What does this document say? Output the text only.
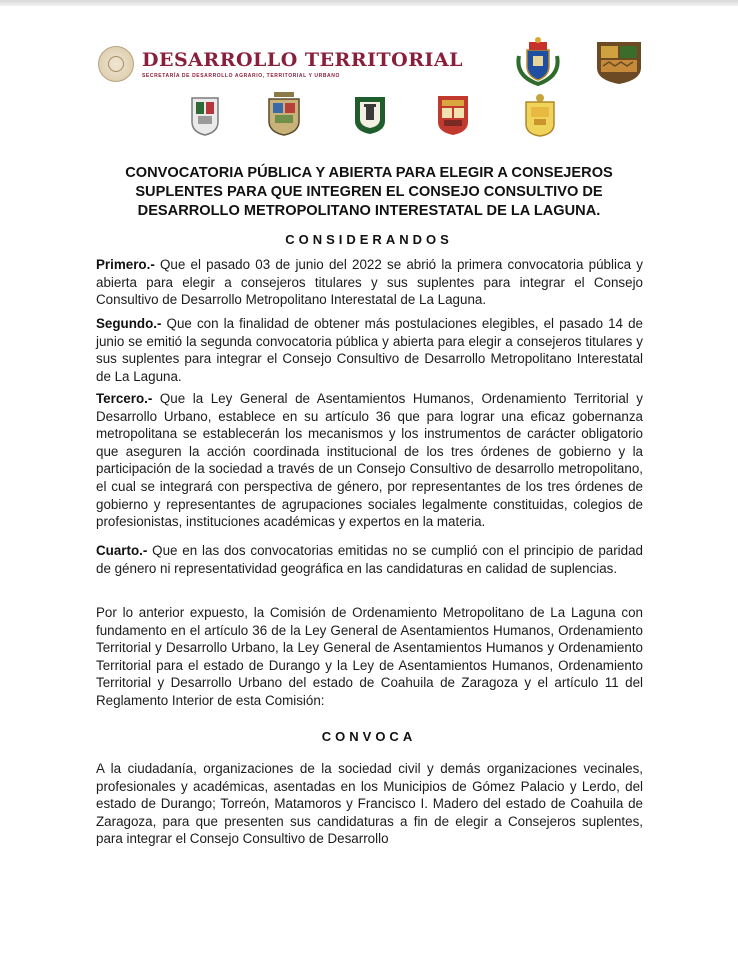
DESARROLLO TERRITORIAL
SECRETARÍA DE DESARROLLO AGRARIO, TERRITORIAL Y URBANO
CONVOCATORIA PÚBLICA Y ABIERTA PARA ELEGIR A CONSEJEROS
SUPLENTES PARA QUE INTEGREN EL CONSEJO CONSULTIVO DE
DESARROLLO METROPOLITANO INTERESTATAL DE LA LAGUNA.
CONSIDERANDOS
Primero.- Que el pasado 03 de junio del 2022 se abrió la primera convocatoria pública y abierta para elegir a consejeros titulares y sus suplentes para integrar el Consejo Consultivo de Desarrollo Metropolitano Interestatal de La Laguna.
Segundo.- Que con la finalidad de obtener más postulaciones elegibles, el pasado 14 de junio se emitió la segunda convocatoria pública y abierta para elegir a consejeros titulares y sus suplentes para integrar el Consejo Consultivo de Desarrollo Metropolitano Interestatal de La Laguna.
Tercero.- Que la Ley General de Asentamientos Humanos, Ordenamiento Territorial y Desarrollo Urbano, establece en su artículo 36 que para lograr una eficaz gobernanza metropolitana se establecerán los mecanismos y los instrumentos de carácter obligatorio que aseguren la acción coordinada institucional de los tres órdenes de gobierno y la participación de la sociedad a través de un Consejo Consultivo de desarrollo metropolitano, el cual se integrará con perspectiva de género, por representantes de los tres órdenes de gobierno y representantes de agrupaciones sociales legalmente constituidas, colegios de profesionistas, instituciones académicas y expertos en la materia.
Cuarto.- Que en las dos convocatorias emitidas no se cumplió con el principio de paridad de género ni representatividad geográfica en las candidaturas en calidad de suplencias.
Por lo anterior expuesto, la Comisión de Ordenamiento Metropolitano de La Laguna con fundamento en el artículo 36 de la Ley General de Asentamientos Humanos, Ordenamiento Territorial y Desarrollo Urbano, la Ley General de Asentamientos Humanos y Ordenamiento Territorial para el estado de Durango y la Ley de Asentamientos Humanos, Ordenamiento Territorial y Desarrollo Urbano del estado de Coahuila de Zaragoza y el artículo 11 del Reglamento Interior de esta Comisión:
CONVOCA
A la ciudadanía, organizaciones de la sociedad civil y demás organizaciones vecinales, profesionales y académicas, asentadas en los Municipios de Gómez Palacio y Lerdo, del estado de Durango; Torreón, Matamoros y Francisco I. Madero del estado de Coahuila de Zaragoza, para que presenten sus candidaturas a fin de elegir a Consejeros suplentes, para integrar el Consejo Consultivo de Desarrollo
